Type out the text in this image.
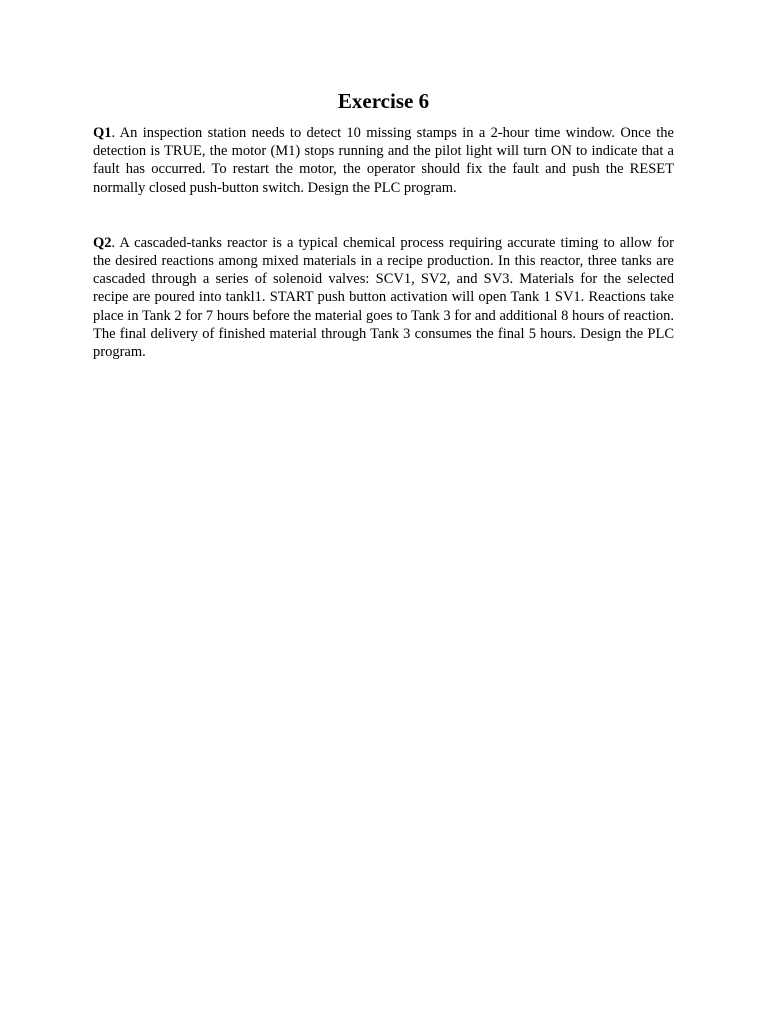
Exercise 6

Q1. An inspection station needs to detect 10 missing stamps in a 2-hour time window. Once the detection is TRUE, the motor (M1) stops running and the pilot light will turn ON to indicate that a fault has occurred. To restart the motor, the operator should fix the fault and push the RESET normally closed push-button switch. Design the PLC program.

Q2. A cascaded-tanks reactor is a typical chemical process requiring accurate timing to allow for the desired reactions among mixed materials in a recipe production. In this reactor, three tanks are cascaded through a series of solenoid valves: SCV1, SV2, and SV3. Materials for the selected recipe are poured into tankl1. START push button activation will open Tank 1 SV1. Reactions take place in Tank 2 for 7 hours before the material goes to Tank 3 for and additional 8 hours of reaction. The final delivery of finished material through Tank 3 consumes the final 5 hours. Design the PLC program.
